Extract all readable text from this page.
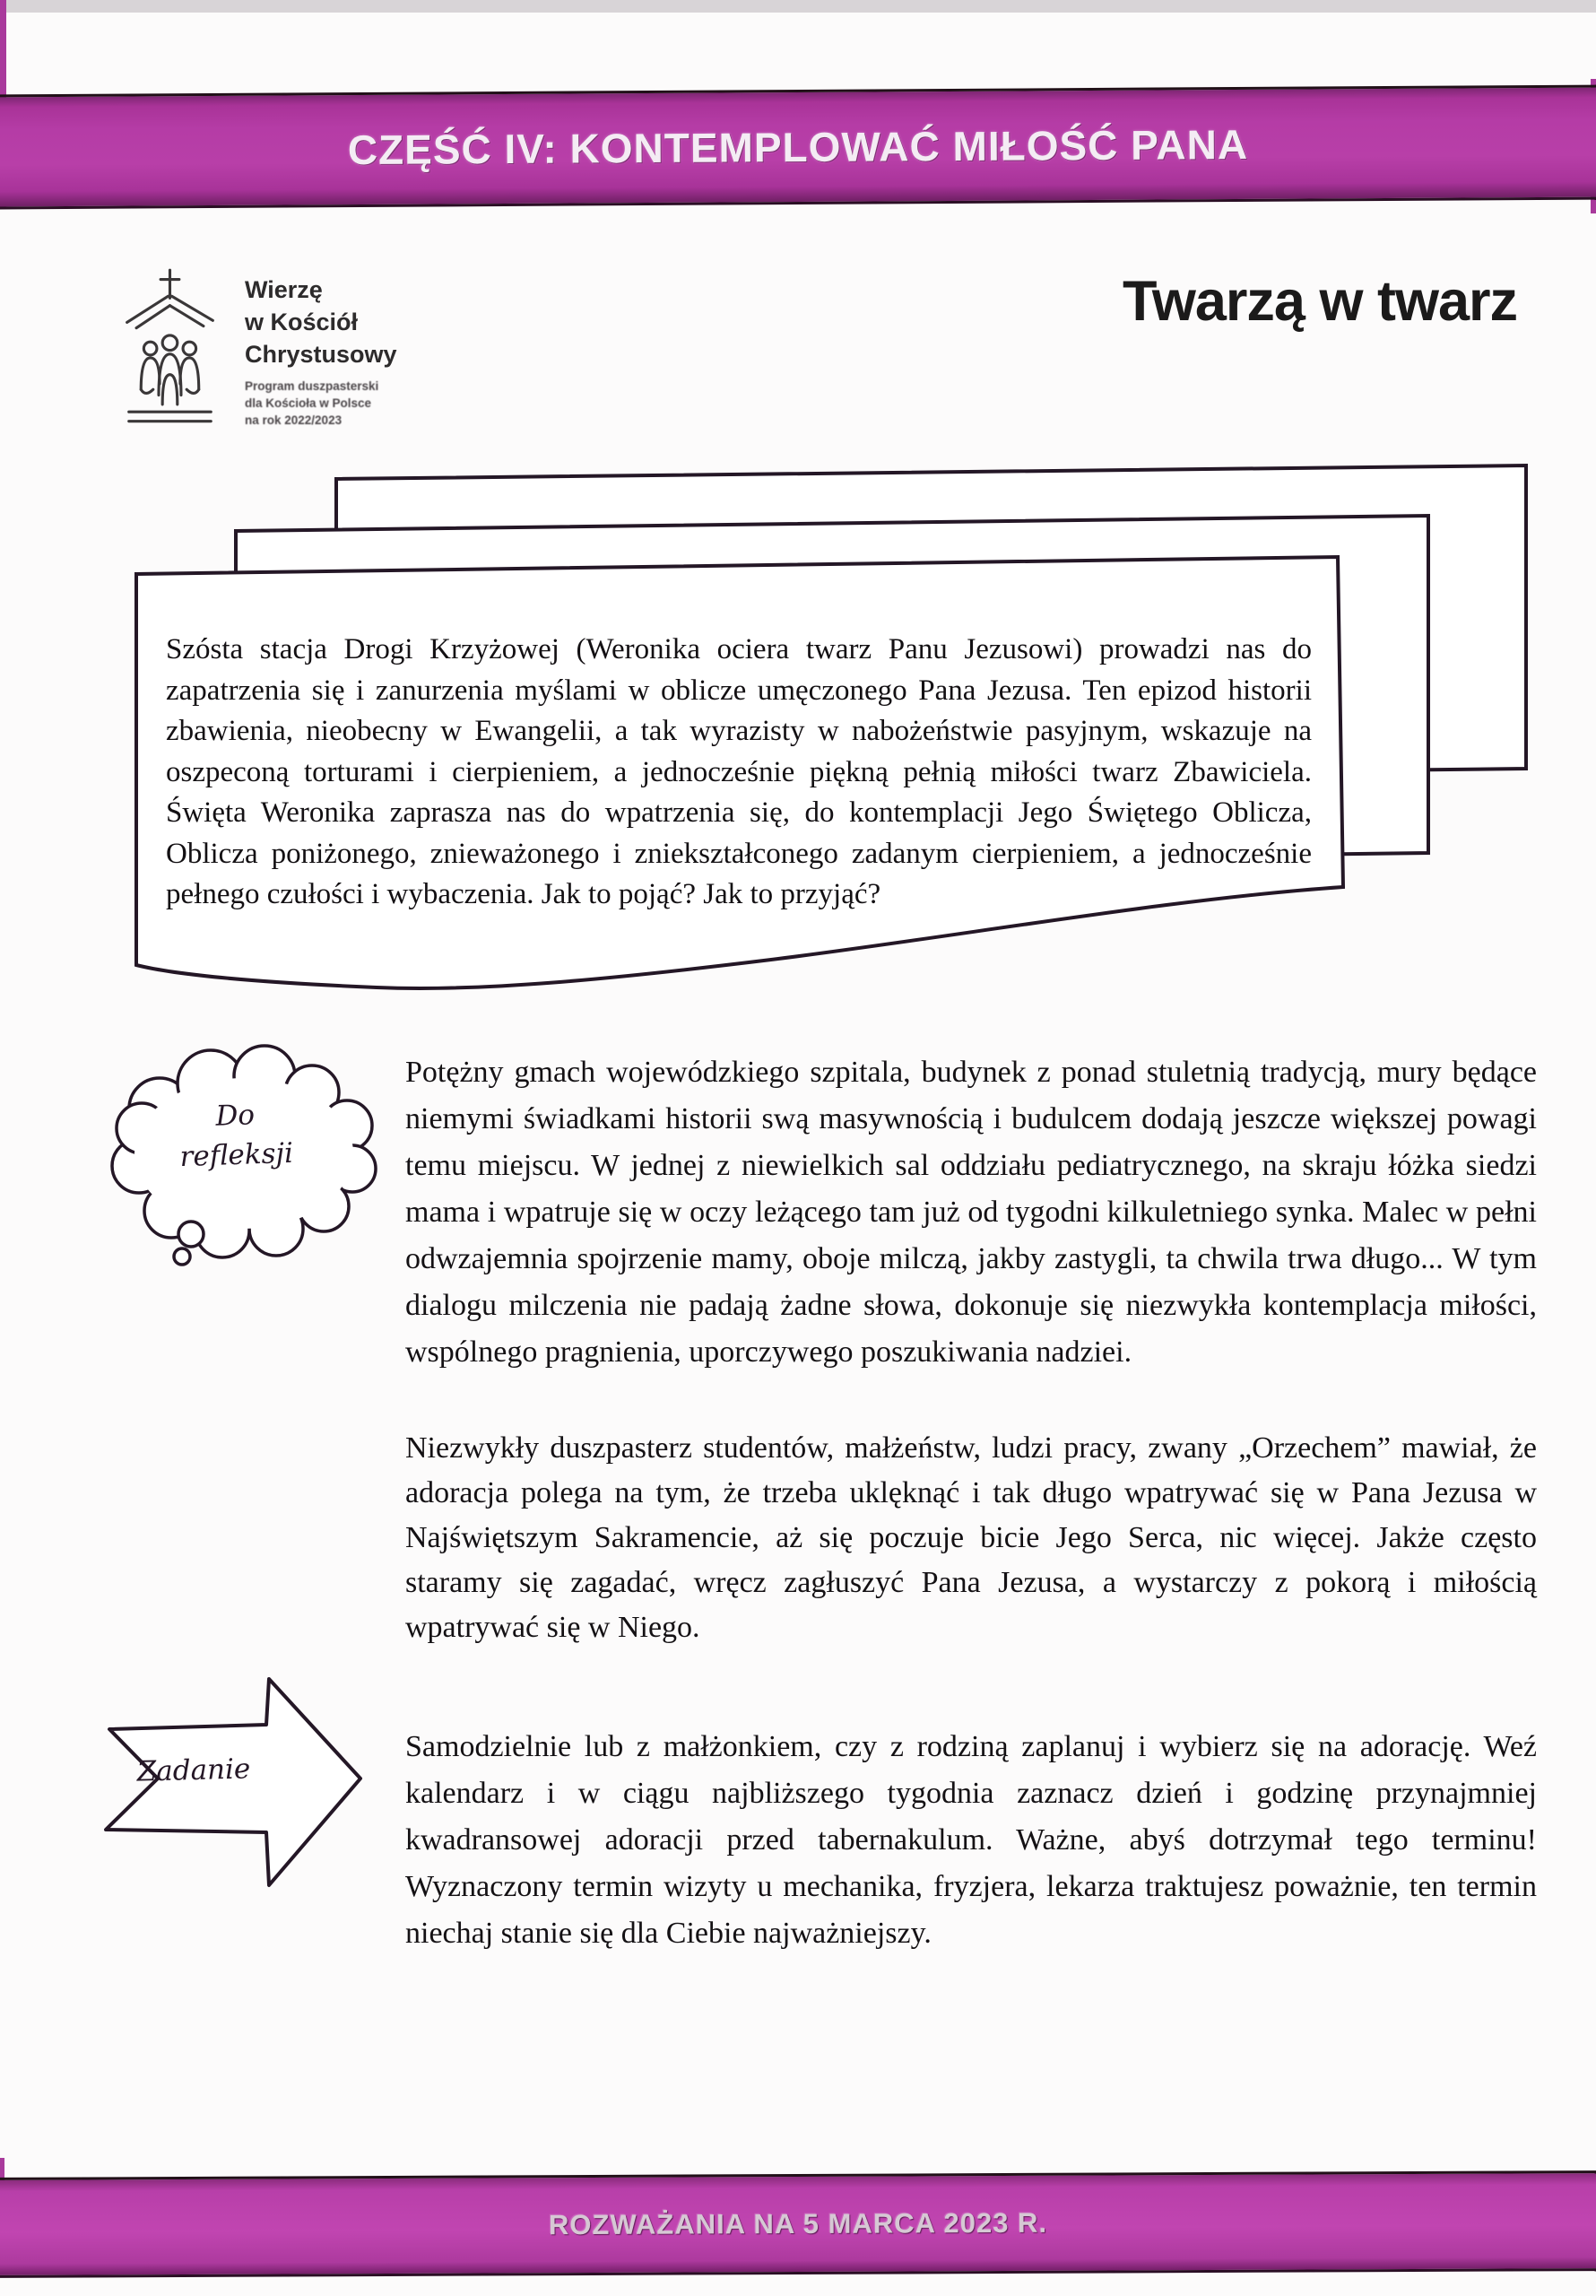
CZĘŚĆ IV: KONTEMPLOWAĆ MIŁOŚĆ PANA
Wierzę
w Kościół
Chrystusowy
Program duszpasterski
dla Kościoła w Polsce
na rok 2022/2023
Twarzą w twarz
Szósta stacja Drogi Krzyżowej (Weronika ociera twarz Panu Jezusowi) prowadzi nas do zapatrzenia się i zanurzenia myślami w oblicze umęczonego Pana Jezusa. Ten epizod historii zbawienia, nieobecny w Ewangelii, a tak wyrazisty w nabożeństwie pasyjnym, wskazuje na oszpeconą torturami i cierpieniem, a jednocześnie piękną pełnią miłości twarz Zbawiciela. Święta Weronika zaprasza nas do wpatrzenia się, do kontemplacji Jego Świętego Oblicza, Oblicza poniżonego, znieważonego i zniekształconego zadanym cierpieniem, a jednocześnie pełnego czułości i wybaczenia. Jak to pojąć? Jak to przyjąć?
Do
refleksji
Potężny gmach wojewódzkiego szpitala, budynek z ponad stuletnią tradycją, mury będące niemymi świadkami historii swą masywnością i budulcem dodają jeszcze większej powagi temu miejscu. W jednej z niewielkich sal oddziału pediatrycznego, na skraju łóżka siedzi mama i wpatruje się w oczy leżącego tam już od tygodni kilkuletniego synka. Malec w pełni odwzajemnia spojrzenie mamy, oboje milczą, jakby zastygli, ta chwila trwa długo... W tym dialogu milczenia nie padają żadne słowa, dokonuje się niezwykła kontemplacja miłości, wspólnego pragnienia, uporczywego poszukiwania nadziei.
Niezwykły duszpasterz studentów, małżeństw, ludzi pracy, zwany „Orzechem” mawiał, że adoracja polega na tym, że trzeba uklęknąć i tak długo wpatrywać się w Pana Jezusa w Najświętszym Sakramencie, aż się poczuje bicie Jego Serca, nic więcej. Jakże często staramy się zagadać, wręcz zagłuszyć Pana Jezusa, a wystarczy z pokorą i miłością wpatrywać się w Niego.
Zadanie
Samodzielnie lub z małżonkiem, czy z rodziną zaplanuj i wybierz się na adorację. Weź kalendarz i w ciągu najbliższego tygodnia zaznacz dzień i godzinę przynajmniej kwadransowej adoracji przed tabernakulum. Ważne, abyś dotrzymał tego terminu! Wyznaczony termin wizyty u mechanika, fryzjera, lekarza traktujesz poważnie, ten termin niechaj stanie się dla Ciebie najważniejszy.
ROZWAŻANIA NA 5 MARCA 2023 R.
